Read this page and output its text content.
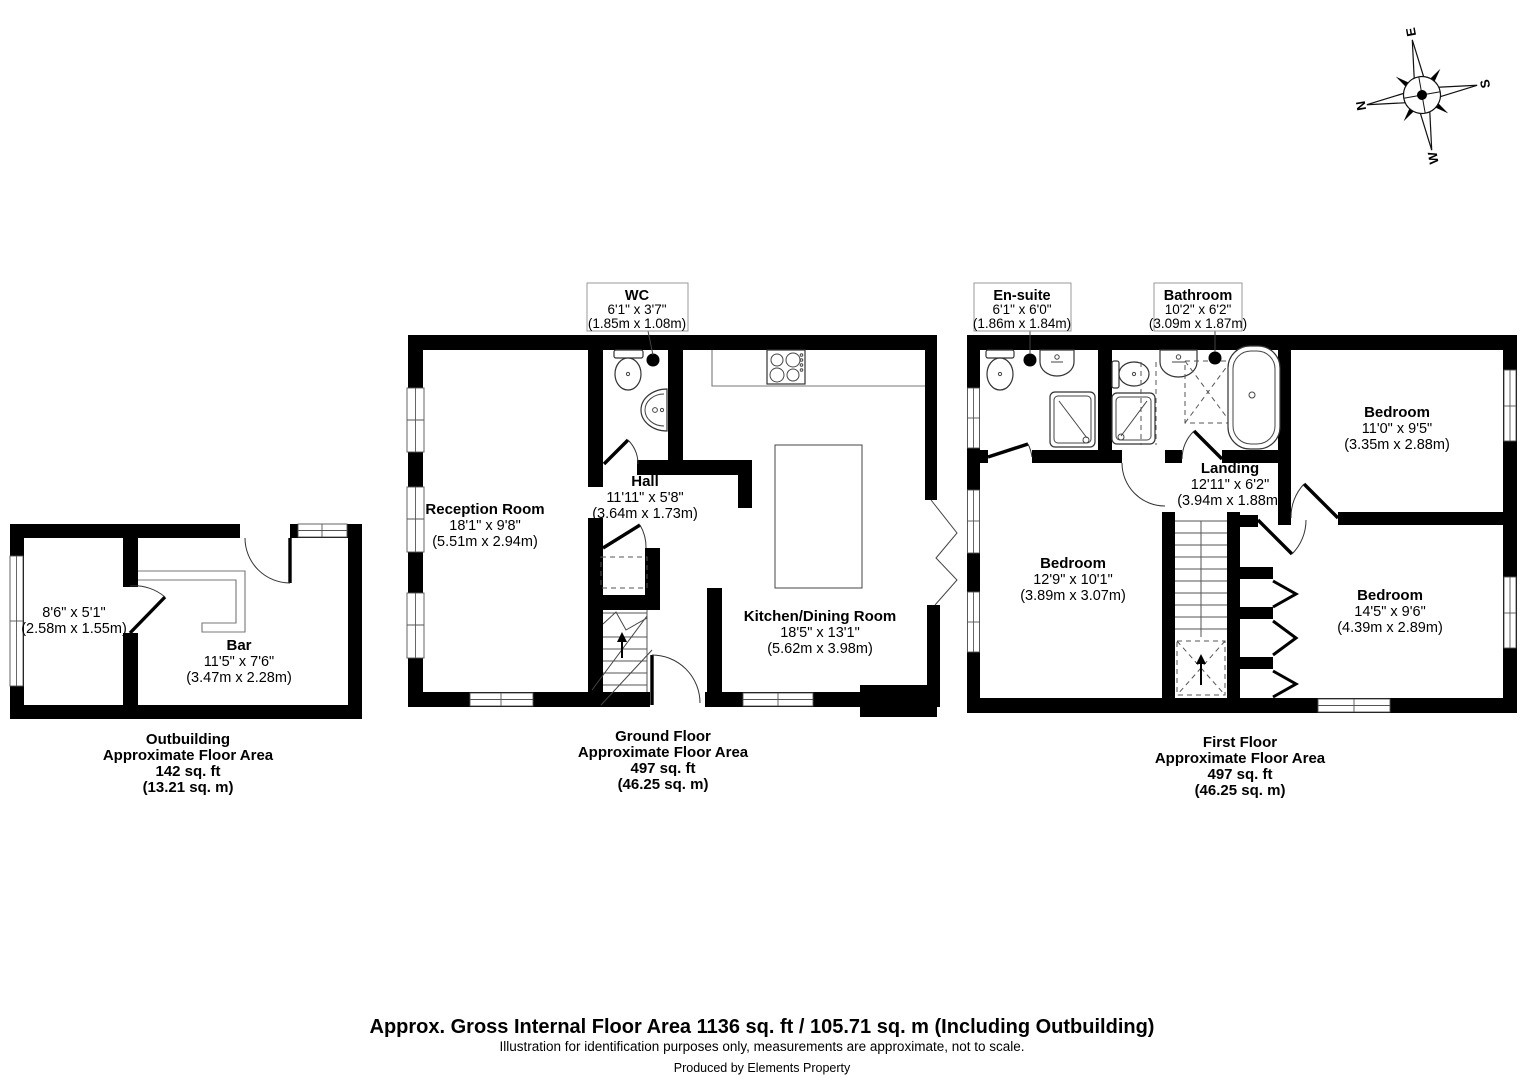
8'6" x 5'1"
(2.58m x 1.55m)
Bar
11'5" x 7'6"
(3.47m x 2.28m)
Outbuilding
Approximate Floor Area
142 sq. ft
(13.21 sq. m)
WC
6'1" x 3'7"
(1.85m x 1.08m)
Reception Room
18'1" x 9'8"
(5.51m x 2.94m)
Hall
11'11" x 5'8"
(3.64m x 1.73m)
Kitchen/Dining Room
18'5" x 13'1"
(5.62m x 3.98m)
Ground Floor
Approximate Floor Area
497 sq. ft
(46.25 sq. m)
En-suite
6'1" x 6'0"
(1.86m x 1.84m)
Bathroom
10'2" x 6'2"
(3.09m x 1.87m)
Bedroom
11'0" x 9'5"
(3.35m x 2.88m)
Landing
12'11" x 6'2"
(3.94m x 1.88m)
Bedroom
12'9" x 10'1"
(3.89m x 3.07m)	Bedroom
14'5" x 9'6"
(4.39m x 2.89m)
First Floor
Approximate Floor Area
497 sq. ft
(46.25 sq. m)
N
E
S
W
Approx. Gross Internal Floor Area 1136 sq. ft / 105.71 sq. m (Including Outbuilding)
Illustration for identification purposes only, measurements are approximate, not to scale.
Produced by Elements Property
